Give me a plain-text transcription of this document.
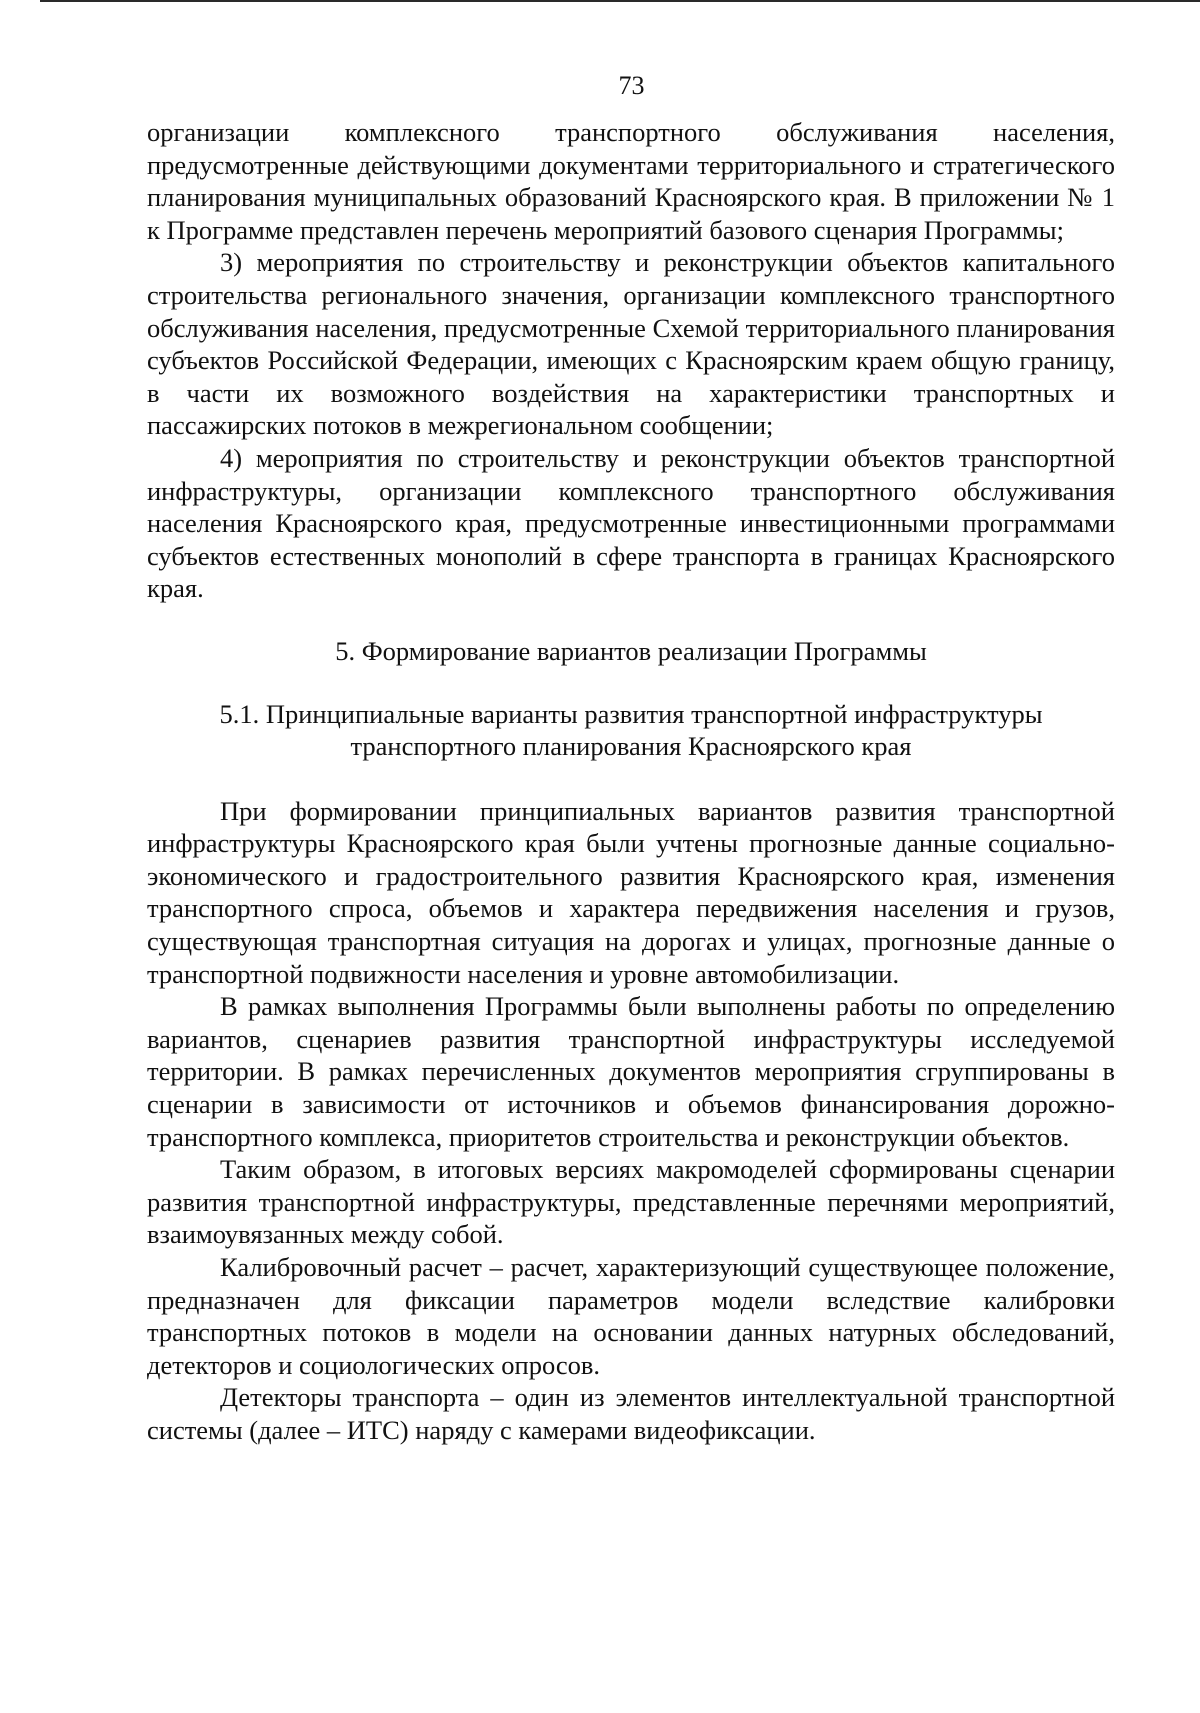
73

организации комплексного транспортного обслуживания населения, предусмотренные действующими документами территориального и стратегического планирования муниципальных образований Красноярского края. В приложении № 1 к Программе представлен перечень мероприятий базового сценария Программы;

3) мероприятия по строительству и реконструкции объектов капитального строительства регионального значения, организации комплексного транспортного обслуживания населения, предусмотренные Схемой территориального планирования субъектов Российской Федерации, имеющих с Красноярским краем общую границу, в части их возможного воздействия на характеристики транспортных и пассажирских потоков в межрегиональном сообщении;

4) мероприятия по строительству и реконструкции объектов транспортной инфраструктуры, организации комплексного транспортного обслуживания населения Красноярского края, предусмотренные инвестиционными программами субъектов естественных монополий в сфере транспорта в границах Красноярского края.

5. Формирование вариантов реализации Программы

5.1. Принципиальные варианты развития транспортной инфраструктуры

транспортного планирования Красноярского края

При формировании принципиальных вариантов развития транспортной инфраструктуры Красноярского края были учтены прогнозные данные социально-экономического и градостроительного развития Красноярского края, изменения транспортного спроса, объемов и характера передвижения населения и грузов, существующая транспортная ситуация на дорогах и улицах, прогнозные данные о транспортной подвижности населения и уровне автомобилизации.

В рамках выполнения Программы были выполнены работы по определению вариантов, сценариев развития транспортной инфраструктуры исследуемой территории. В рамках перечисленных документов мероприятия сгруппированы в сценарии в зависимости от источников и объемов финансирования дорожно-транспортного комплекса, приоритетов строительства и реконструкции объектов.

Таким образом, в итоговых версиях макромоделей сформированы сценарии развития транспортной инфраструктуры, представленные перечнями мероприятий, взаимоувязанных между собой.

Калибровочный расчет – расчет, характеризующий существующее положение, предназначен для фиксации параметров модели вследствие калибровки транспортных потоков в модели на основании данных натурных обследований, детекторов и социологических опросов.

Детекторы транспорта – один из элементов интеллектуальной транспортной системы (далее – ИТС) наряду с камерами видеофиксации.
